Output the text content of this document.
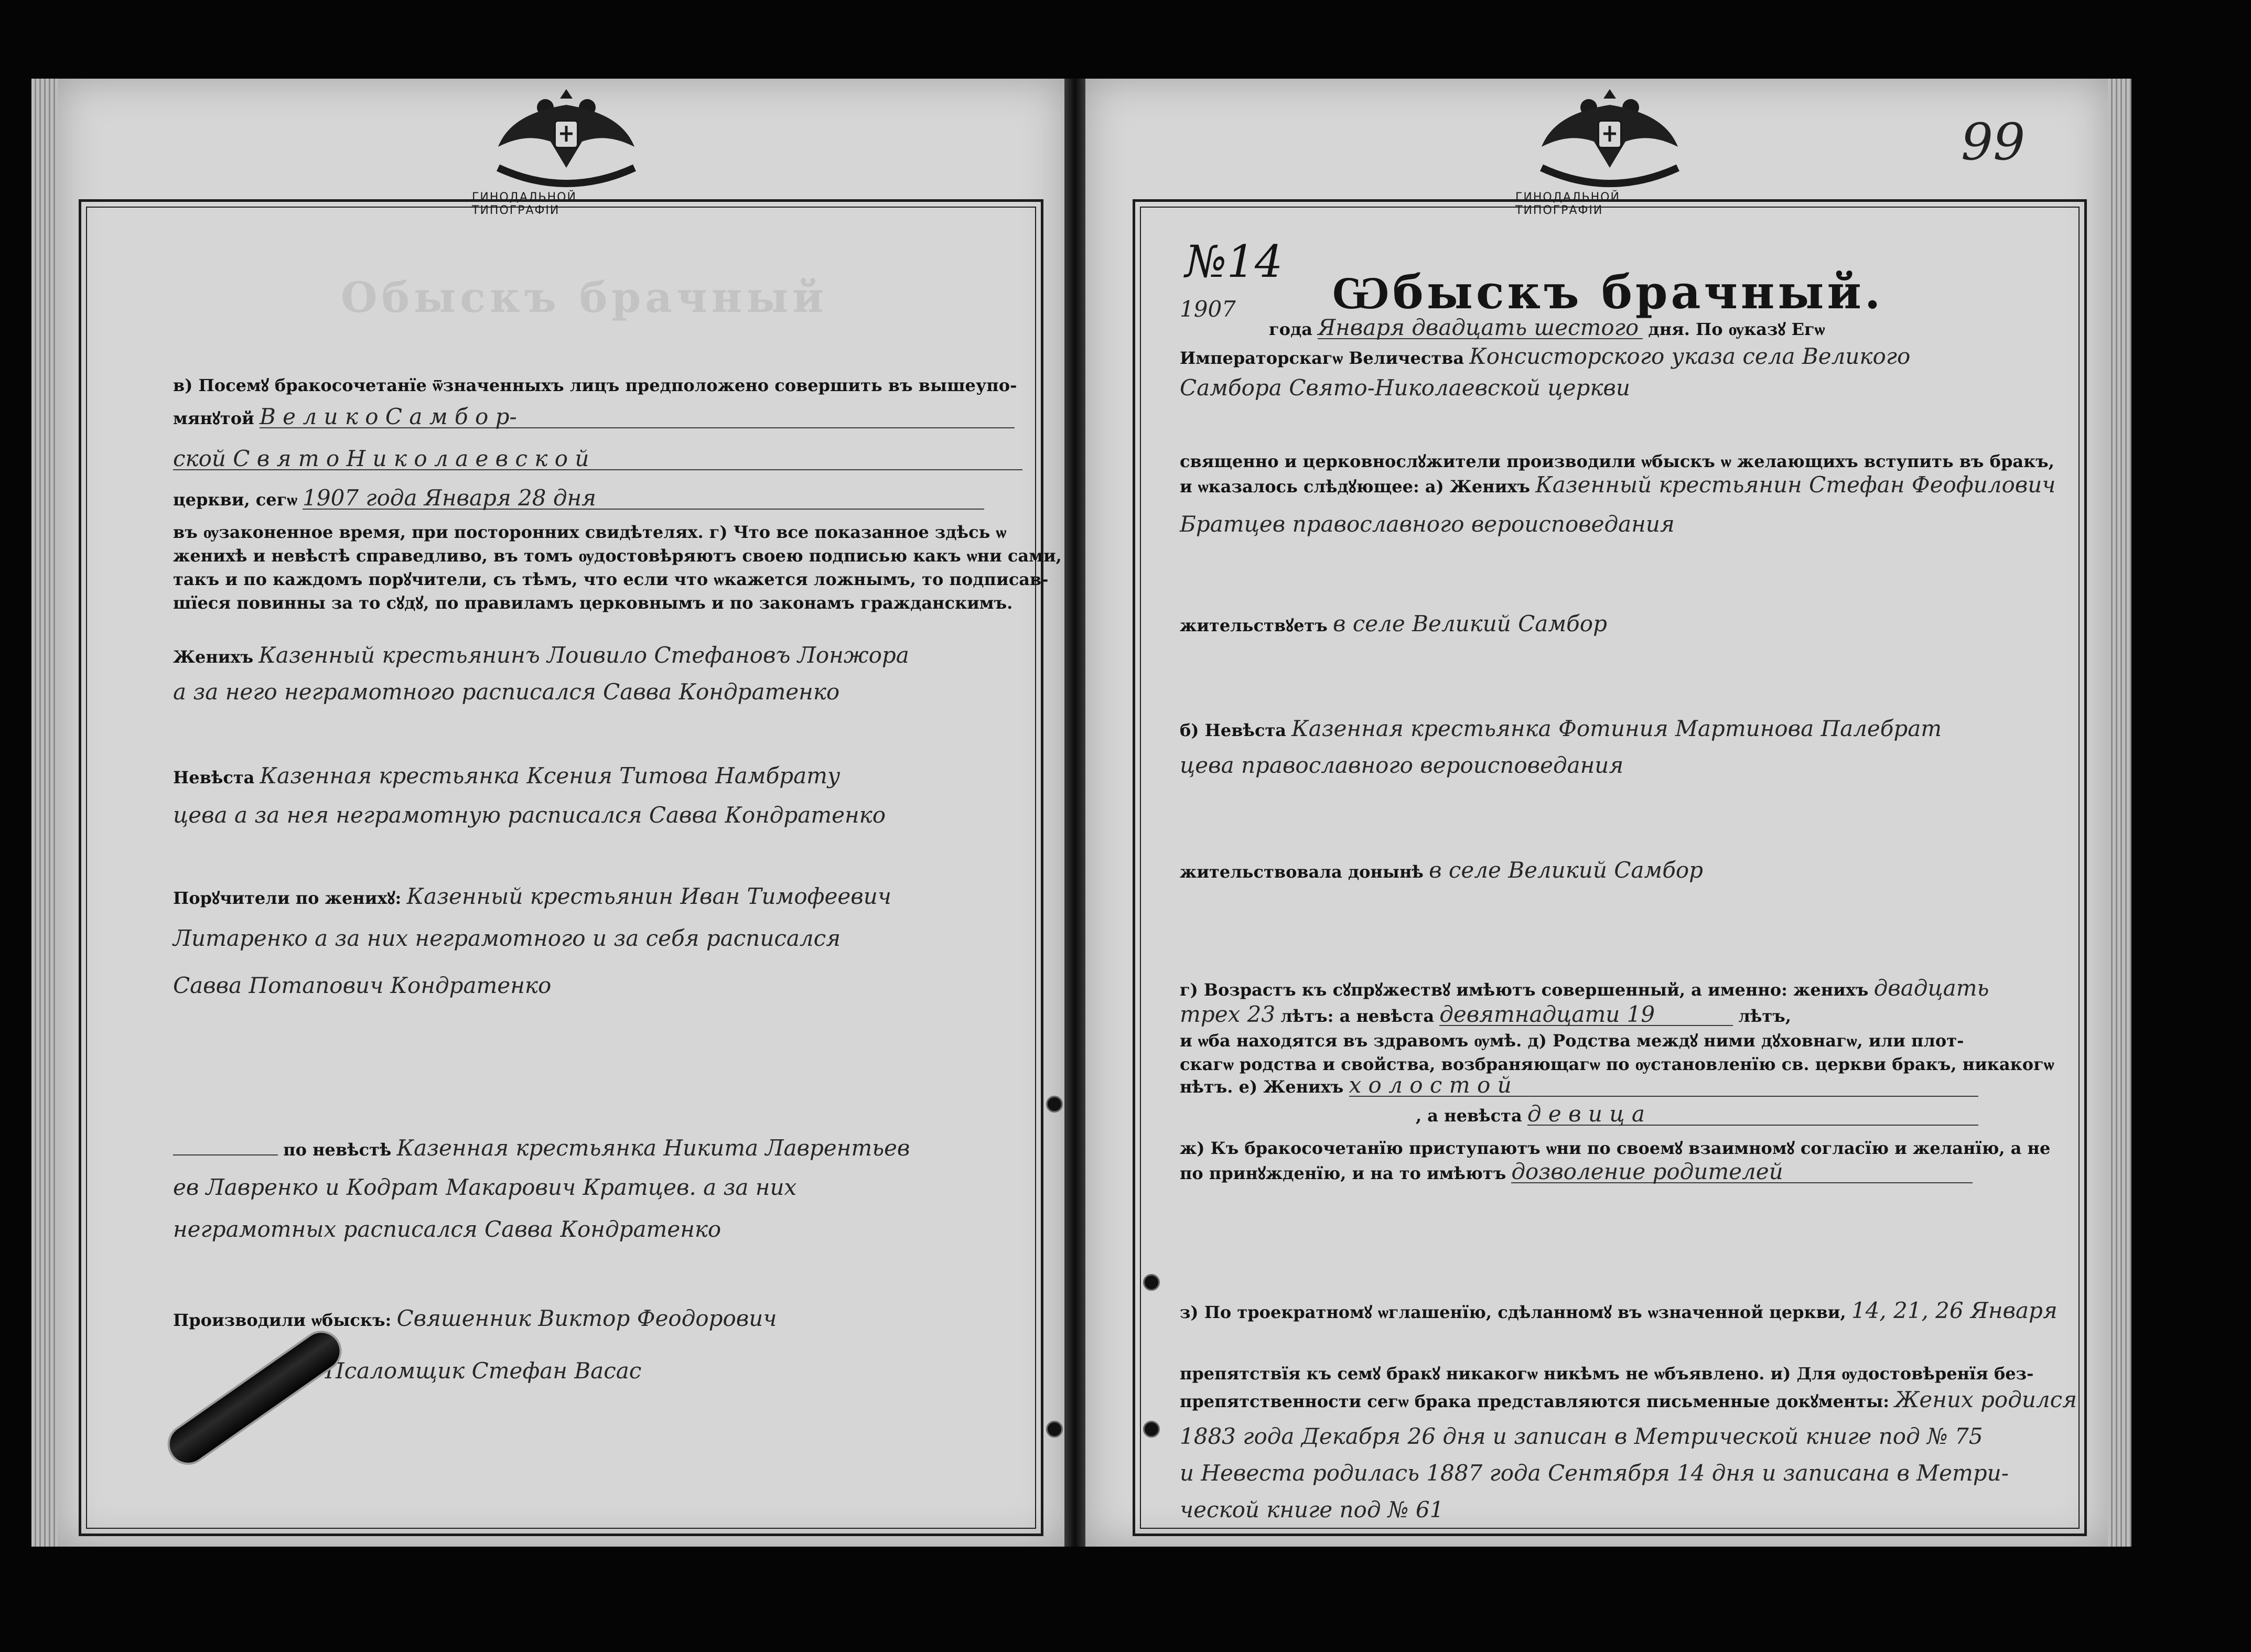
ГИНОДАЛЬНОЙ ТИПОГРАФІИ
ГИНОДАЛЬНОЙ ТИПОГРАФІИ
99
Обыскъ брачный
в) Посемꙋ бракосочетанїе ѿзначенныхъ лицъ предположено совершить въ вышеупо-
мянꙋтой В е л и к о С а м б о р-
ской С в я т о Н и к о л а е в с к о й
церкви, сегѡ 1907 года Января 28 дня
въ ѹзаконенное время, при посторонних свидѣтелях. г) Что все показанное здѣсь ѡ
женихѣ и невѣстѣ справедливо, въ томъ ѹдостовѣряютъ своею подписью какъ ѡни сами,
такъ и по каждомъ порꙋчители, съ тѣмъ, что если что ѡкажется ложнымъ, то подписав-
шїеся повинны за то сꙋдꙋ, по правиламъ церковнымъ и по законамъ гражданскимъ.
Женихъ Казенный крестьянинъ Лоивило Стефановъ Лонжора
а за него неграмотного расписался Савва Кондратенко
Невѣста Казенная крестьянка Ксения Титова Намбрату
цева а за нея неграмотную расписался Савва Кондратенко
Порꙋчители по женихꙋ: Казенный крестьянин Иван Тимофеевич
Литаренко а за них неграмотного и за себя расписался
Савва Потапович Кондратенко
по невѣстѣ Казенная крестьянка Никита Лаврентьев
ев Лавренко и Кодрат Макарович Кратцев. а за них
неграмотных расписался Савва Кондратенко
Производили ѡбыскъ: Свяшенник Виктор Феодорович
Псаломщик Стефан Васас
№14
Ѡбыскъ брачный.
1907
года Января двадцать шестого дня. По ѹказꙋ Егѡ
Императорскагѡ Величества Консисторского указа села Великого
Самбора Свято-Николаевской церкви
священно и церковнослꙋжители производили ѡбыскъ ѡ желающихъ вступить въ бракъ,
и ѡказалось слѣдꙋющее: а) Женихъ Казенный крестьянин Стефан Феофилович
Братцев православного вероисповедания
жительствꙋетъ в селе Великий Самбор
б) Невѣста Казенная крестьянка Фотиния Мартинова Палебрат
цева православного вероисповедания
жительствовала донынѣ в селе Великий Самбор
г) Возрастъ къ сꙋпрꙋжествꙋ имѣютъ совершенный, а именно: женихъ двадцать
трех 23 лѣтъ: а невѣста девятнадцати 19	лѣтъ,
и ѡба находятся въ здравомъ ѹмѣ. д) Родства междꙋ ними дꙋховнагѡ, или плот-
скагѡ родства и свойства, возбраняющагѡ по ѹстановленїю св. церкви бракъ, никакогѡ
нѣтъ. е) Женихъ х о л о с т о й
, а невѣста д е в и ц а
ж) Къ бракосочетанїю приступаютъ ѡни по своемꙋ взаимномꙋ согласїю и желанїю, а не
по принꙋжденїю, и на то имѣютъ дозволение родителей
з) По троекратномꙋ ѡглашенїю, сдѣланномꙋ въ ѡзначенной церкви, 14, 21, 26 Января
препятствїя къ семꙋ бракꙋ никакогѡ никѣмъ не ѡбъявлено. и) Для ѹдостовѣренїя без-
препятственности сегѡ брака представляются письменные докꙋменты: Жених родился
1883 года Декабря 26 дня и записан в Метрической книге под № 75
и Невеста родилась 1887 года Сентября 14 дня и записана в Метри-
ческой книге под № 61
